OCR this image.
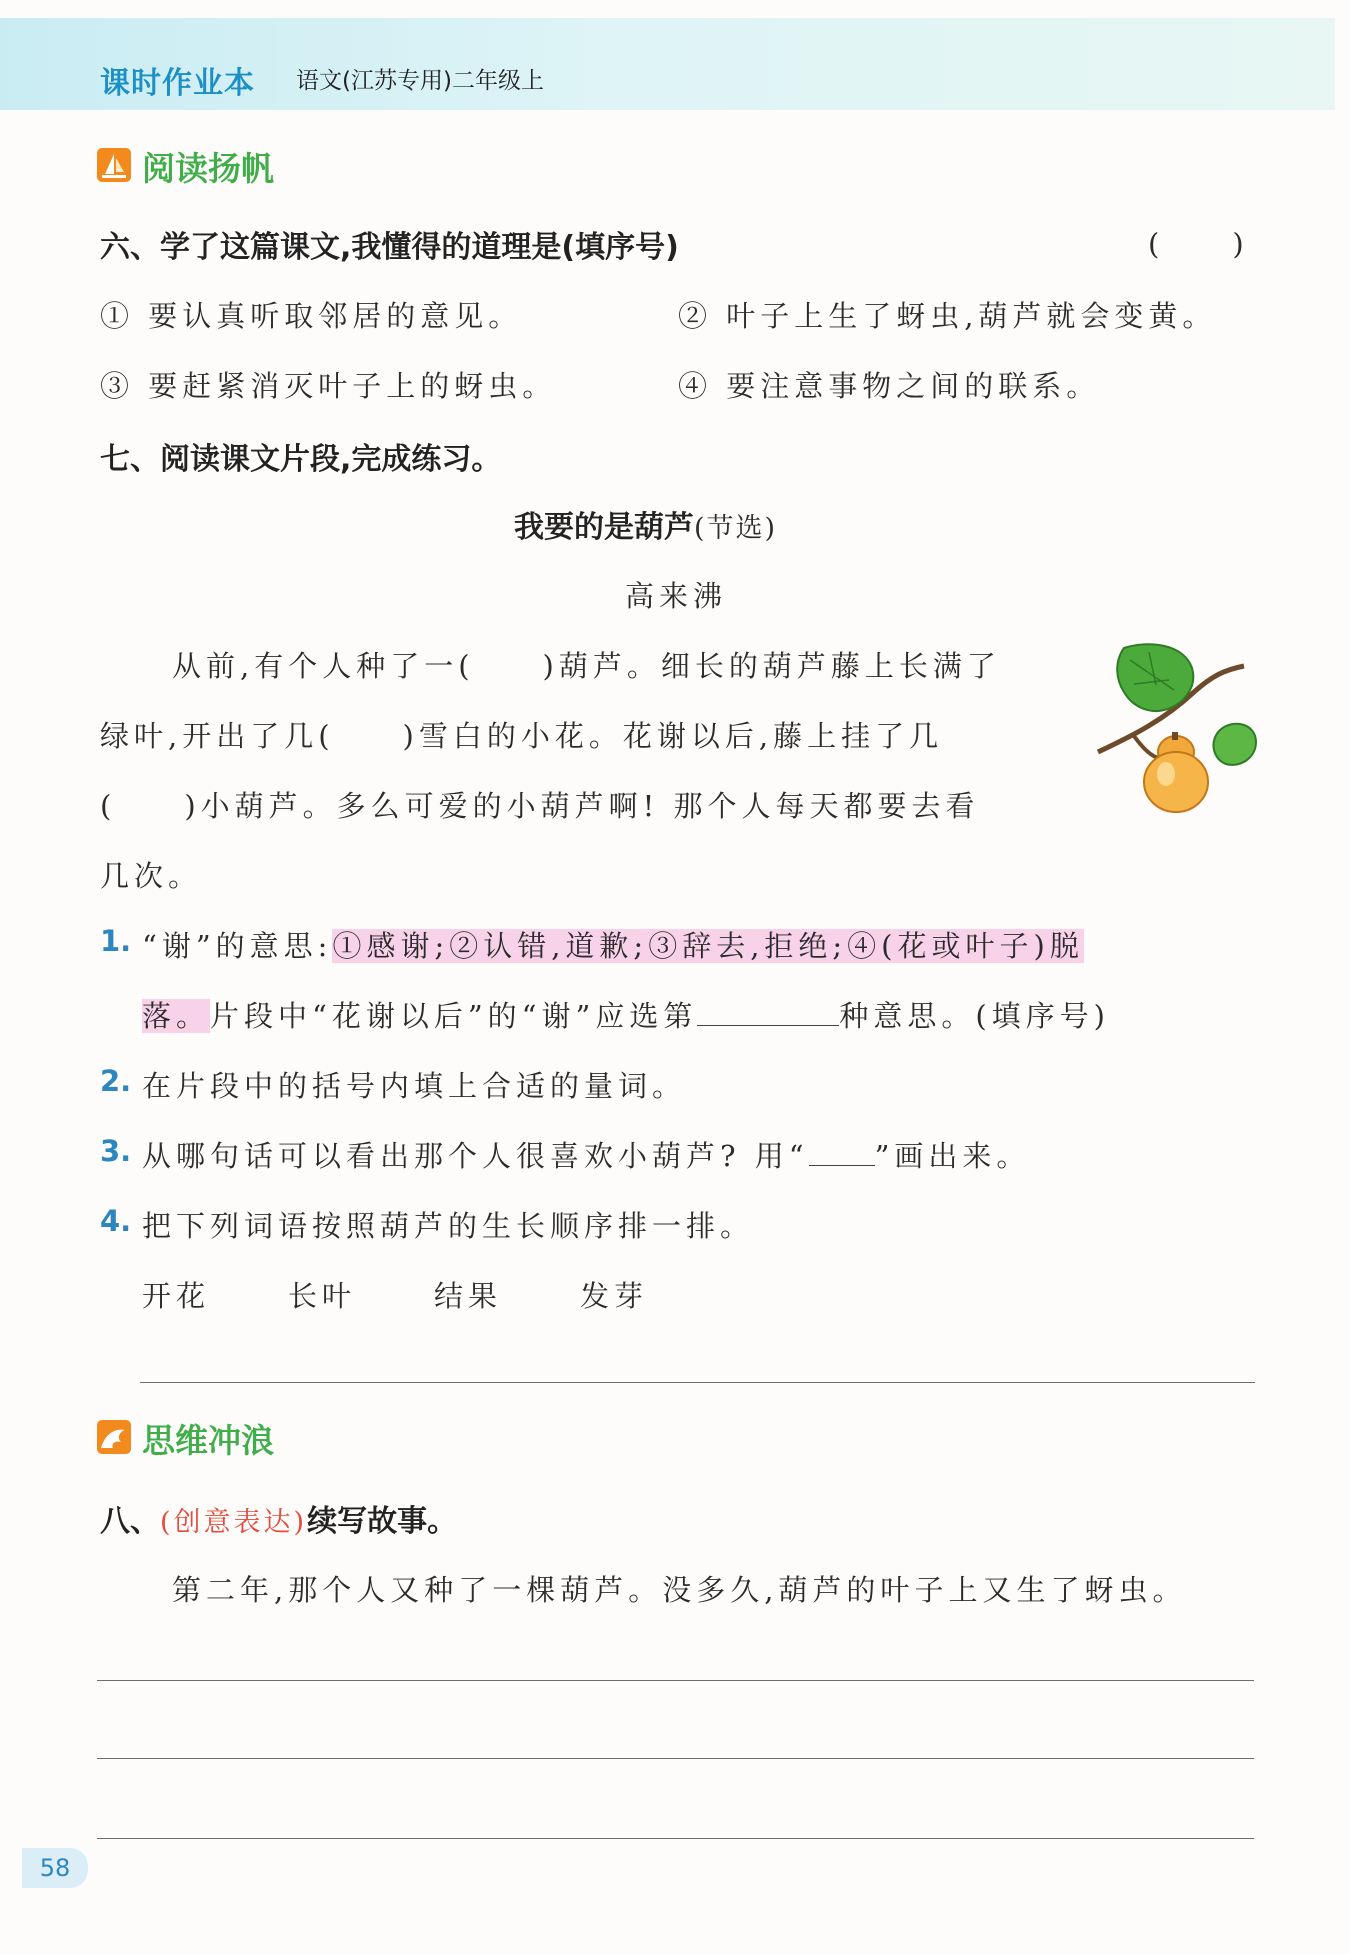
课时作业本 语文(江苏专用)二年级上
阅读扬帆
六、学了这篇课文,我懂得的道理是(填序号)	(　　)
① 要认真听取邻居的意见。	② 叶子上生了蚜虫,葫芦就会变黄。
③ 要赶紧消灭叶子上的蚜虫。	④ 要注意事物之间的联系。
七、阅读课文片段,完成练习。
我要的是葫芦(节选)
高来沸
从前,有个人种了一(　　)葫芦。细长的葫芦藤上长满了
绿叶,开出了几(　　)雪白的小花。花谢以后,藤上挂了几
(　　)小葫芦。多么可爱的小葫芦啊! 那个人每天都要去看
几次。
1. “谢”的意思:①感谢;②认错,道歉;③辞去,拒绝;④(花或叶子)脱
落。片段中“花谢以后”的“谢”应选第	种意思。(填序号)
2. 在片段中的括号内填上合适的量词。
3. 从哪句话可以看出那个人很喜欢小葫芦? 用“ ”画出来。
4. 把下列词语按照葫芦的生长顺序排一排。
开花	长叶	结果	发芽
思维冲浪
八、(创意表达)续写故事。
第二年,那个人又种了一棵葫芦。没多久,葫芦的叶子上又生了蚜虫。
58
